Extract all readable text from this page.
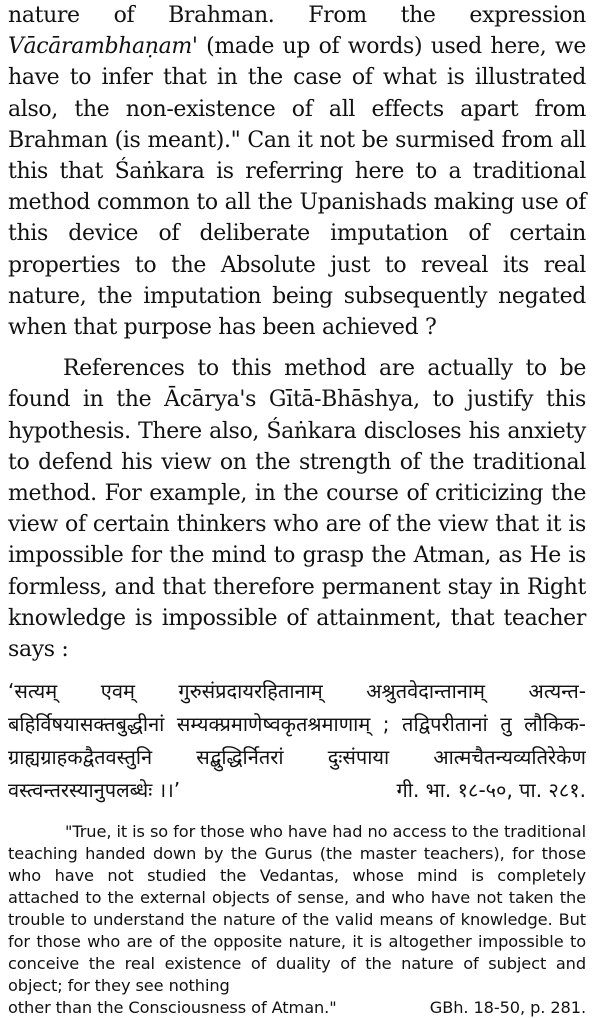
nature of Brahman. From the expression Vācārambhaṇam' (made up of words) used here, we have to infer that in the case of what is illustrated also, the non-existence of all effects apart from Brahman (is meant)." Can it not be surmised from all this that Śaṅkara is referring here to a traditional method common to all the Upanishads making use of this device of deliberate imputation of certain properties to the Absolute just to reveal its real nature, the imputation being subsequently negated when that purpose has been achieved ?

References to this method are actually to be found in the Ācārya's Gītā-Bhāshya, to justify this hypothesis. There also, Śaṅkara discloses his anxiety to defend his view on the strength of the traditional method. For example, in the course of criticizing the view of certain thinkers who are of the view that it is impossible for the mind to grasp the Atman, as He is formless, and that therefore permanent stay in Right knowledge is impossible of attainment, that teacher says :

‘सत्यम् एवम् गुरुसंप्रदायरहितानाम् अश्रुतवेदान्तानाम् अत्यन्त-
बहिर्विषयासक्तबुद्धीनां सम्यक्प्रमाणेष्वकृतश्रमाणाम् ; तद्विपरीतानां तु लौकिक-
ग्राह्यग्राहकद्वैतवस्तुनि सद्बुद्धिर्नितरां दुःसंपाया आत्मचैतन्यव्यतिरेकेण
वस्त्वन्तरस्यानुपलब्धेः ।।’	गी. भा. १८-५०, पा. २८१.
"True, it is so for those who have had no access to the traditional teaching handed down by the Gurus (the master teachers), for those who have not studied the Vedantas, whose mind is completely attached to the external objects of sense, and who have not taken the trouble to understand the nature of the valid means of knowledge. But for those who are of the opposite nature, it is altogether impossible to conceive the real existence of duality of the nature of subject and object; for they see nothing
other than the Consciousness of Atman."	GBh. 18-50, p. 281.
